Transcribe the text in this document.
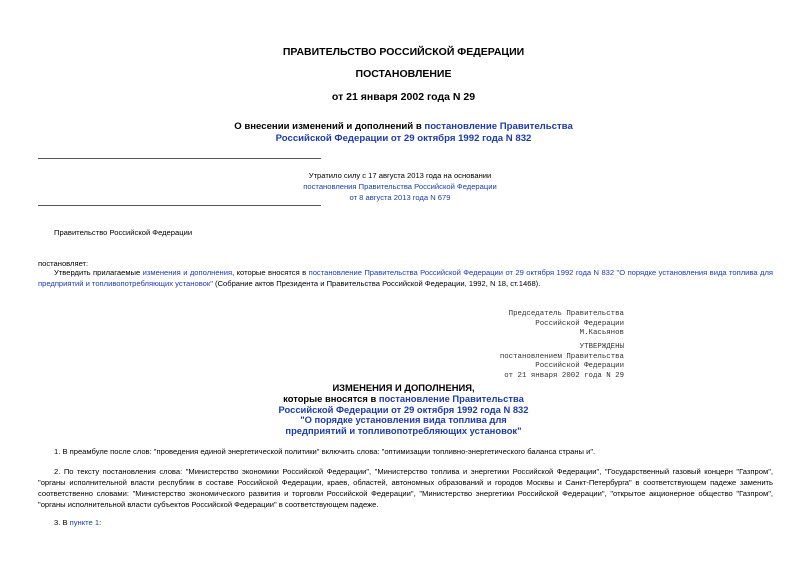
ПРАВИТЕЛЬСТВО РОССИЙСКОЙ ФЕДЕРАЦИИ
ПОСТАНОВЛЕНИЕ
от 21 января 2002 года N 29
О внесении изменений и дополнений в постановление Правительства
Российской Федерации от 29 октября 1992 года N 832
Утратило силу с 17 августа 2013 года на основании
постановления Правительства Российской Федерации
от 8 августа 2013 года N 679
Правительство Российской Федерации
постановляет:
Утвердить прилагаемые изменения и дополнения, которые вносятся в постановление Правительства Российской Федерации от 29 октября 1992 года N 832 "О порядке установления вида топлива для предприятий и топливопотребляющих установок" (Собрание актов Президента и Правительства Российской Федерации, 1992, N 18, ст.1468).
Председатель Правительства
Российской Федерации
М.Касьянов
УТВЕРЖДЕНЫ
постановлением Правительства
Российской Федерации
от 21 января 2002 года N 29
ИЗМЕНЕНИЯ И ДОПОЛНЕНИЯ,
которые вносятся в постановление Правительства
Российской Федерации от 29 октября 1992 года N 832
"О порядке установления вида топлива для
предприятий и топливопотребляющих установок"
1. В преамбуле после слов: "проведения единой энергетической политики" включить слова: "оптимизации топливно-энергетического баланса страны и".
2. По тексту постановления слова: "Министерство экономики Российской Федерации", "Министерство топлива и энергетики Российской Федерации", "Государственный газовый концерн "Газпром", "органы исполнительной власти республик в составе Российской Федерации, краев, областей, автономных образований и городов Москвы и Санкт-Петербурга" в соответствующем падеже заменить соответственно словами: "Министерство экономического развития и торговли Российской Федерации", "Министерство энергетики Российской Федерации", "открытое акционерное общество "Газпром", "органы исполнительной власти субъектов Российской Федерации" в соответствующем падеже.
3. В пункте 1:
